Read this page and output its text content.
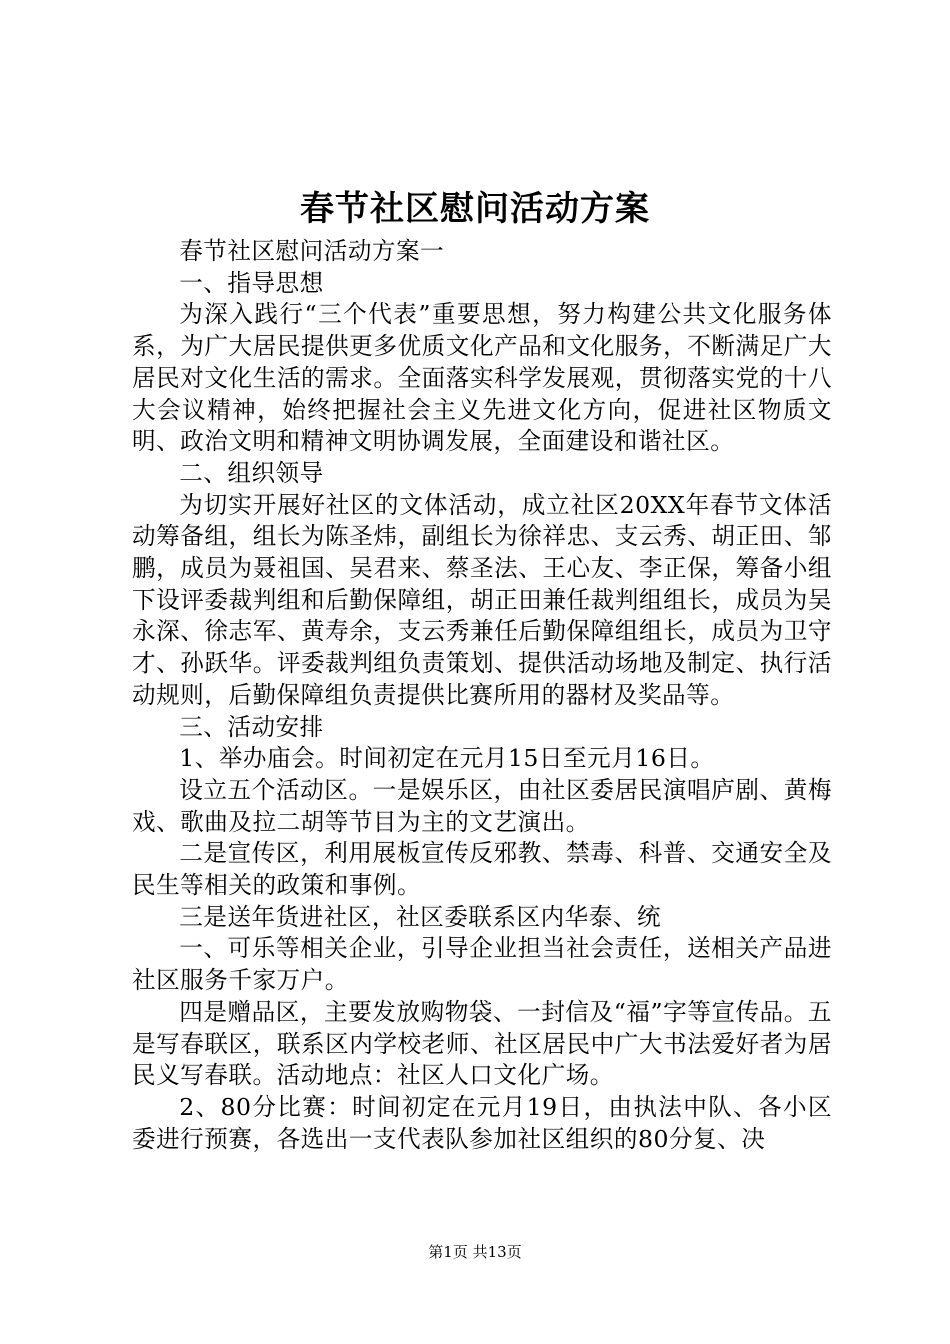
春节社区慰问活动方案

春节社区慰问活动方案一

一、指导思想

为深入践行“三个代表”重要思想，努力构建公共文化服务体系，为广大居民提供更多优质文化产品和文化服务，不断满足广大居民对文化生活的需求。全面落实科学发展观，贯彻落实党的十八大会议精神，始终把握社会主义先进文化方向，促进社区物质文明、政治文明和精神文明协调发展，全面建设和谐社区。

二、组织领导

为切实开展好社区的文体活动，成立社区20XX年春节文体活动筹备组，组长为陈圣炜，副组长为徐祥忠、支云秀、胡正田、邹鹏，成员为聂祖国、吴君来、蔡圣法、王心友、李正保，筹备小组下设评委裁判组和后勤保障组，胡正田兼任裁判组组长，成员为吴永深、徐志军、黄寿余，支云秀兼任后勤保障组组长，成员为卫守才、孙跃华。评委裁判组负责策划、提供活动场地及制定、执行活动规则，后勤保障组负责提供比赛所用的器材及奖品等。

三、活动安排

1、举办庙会。时间初定在元月15日至元月16日。

设立五个活动区。一是娱乐区，由社区委居民演唱庐剧、黄梅戏、歌曲及拉二胡等节目为主的文艺演出。

二是宣传区，利用展板宣传反邪教、禁毒、科普、交通安全及民生等相关的政策和事例。

三是送年货进社区，社区委联系区内华泰、统

一、可乐等相关企业，引导企业担当社会责任，送相关产品进社区服务千家万户。

四是赠品区，主要发放购物袋、一封信及“福”字等宣传品。五是写春联区，联系区内学校老师、社区居民中广大书法爱好者为居民义写春联。活动地点：社区人口文化广场。

2、80分比赛：时间初定在元月19日，由执法中队、各小区委进行预赛，各选出一支代表队参加社区组织的80分复、决

第1页 共13页
